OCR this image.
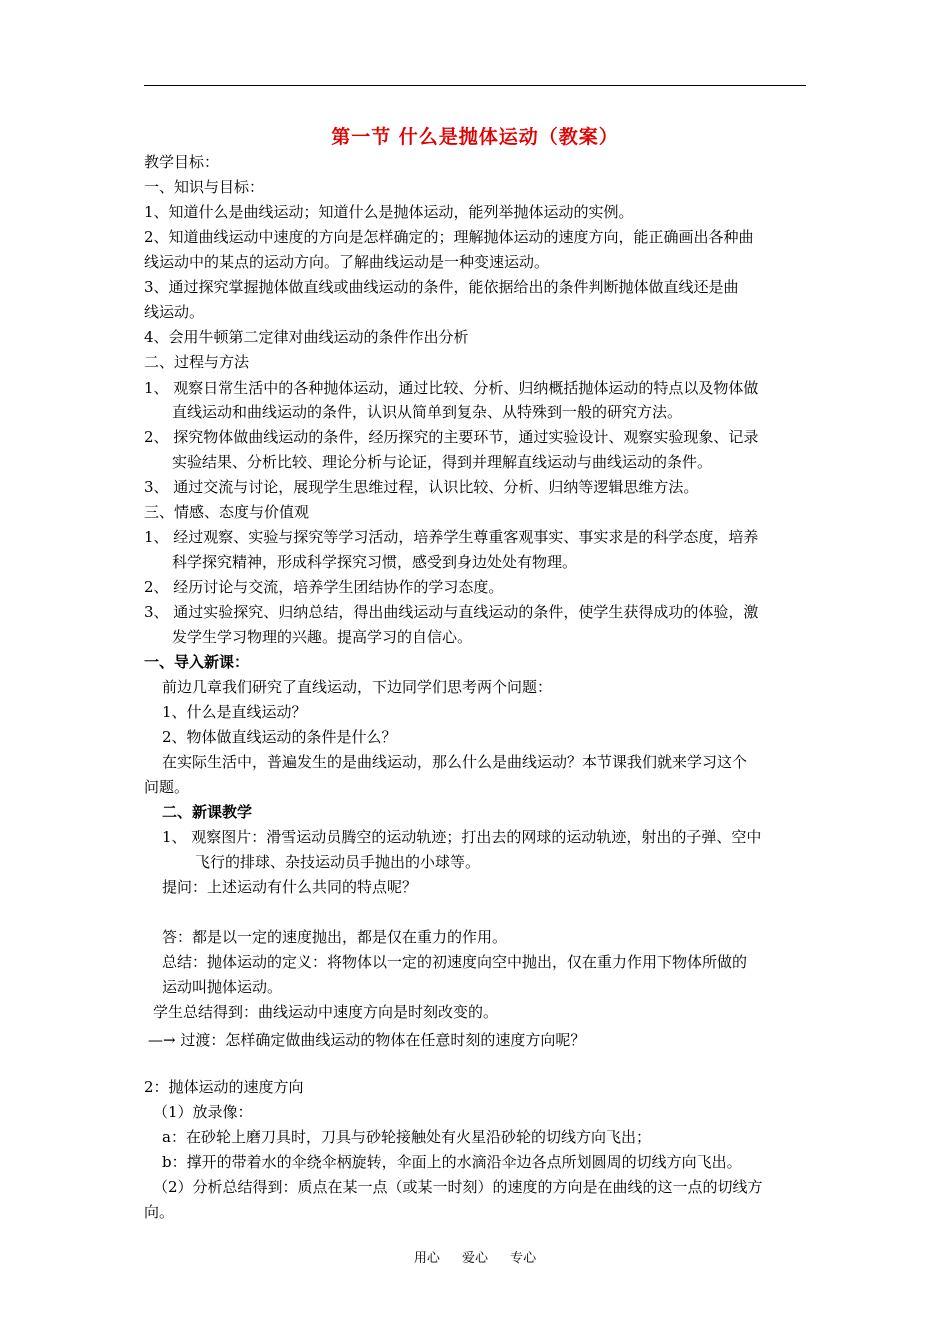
第一节 什么是抛体运动（教案）
教学目标：
一、知识与目标：
1、知道什么是曲线运动；知道什么是抛体运动，能列举抛体运动的实例。
2、知道曲线运动中速度的方向是怎样确定的；理解抛体运动的速度方向，能正确画出各种曲
线运动中的某点的运动方向。了解曲线运动是一种变速运动。
3、通过探究掌握抛体做直线或曲线运动的条件，能依据给出的条件判断抛体做直线还是曲
线运动。
4、会用牛顿第二定律对曲线运动的条件作出分析
二、过程与方法
1、 观察日常生活中的各种抛体运动，通过比较、分析、归纳概括抛体运动的特点以及物体做
直线运动和曲线运动的条件，认识从简单到复杂、从特殊到一般的研究方法。
2、 探究物体做曲线运动的条件，经历探究的主要环节，通过实验设计、观察实验现象、记录
实验结果、分析比较、理论分析与论证，得到并理解直线运动与曲线运动的条件。
3、 通过交流与讨论，展现学生思维过程，认识比较、分析、归纳等逻辑思维方法。
三、情感、态度与价值观
1、 经过观察、实验与探究等学习活动，培养学生尊重客观事实、事实求是的科学态度，培养
科学探究精神，形成科学探究习惯，感受到身边处处有物理。
2、 经历讨论与交流，培养学生团结协作的学习态度。
3、 通过实验探究、归纳总结，得出曲线运动与直线运动的条件，使学生获得成功的体验，激
发学生学习物理的兴趣。提高学习的自信心。
一、导入新课：
前边几章我们研究了直线运动，下边同学们思考两个问题：
1、什么是直线运动？
2、物体做直线运动的条件是什么？
在实际生活中，普遍发生的是曲线运动，那么什么是曲线运动？本节课我们就来学习这个
问题。
二、新课教学
1、 观察图片：滑雪运动员腾空的运动轨迹；打出去的网球的运动轨迹，射出的子弹、空中
飞行的排球、杂技运动员手抛出的小球等。
提问：上述运动有什么共同的特点呢？
答：都是以一定的速度抛出，都是仅在重力的作用。
总结：抛体运动的定义：将物体以一定的初速度向空中抛出，仅在重力作用下物体所做的
运动叫抛体运动。
学生总结得到：曲线运动中速度方向是时刻改变的。
—→ 过渡：怎样确定做曲线运动的物体在任意时刻的速度方向呢？
2：抛体运动的速度方向
（1）放录像：
a：在砂轮上磨刀具时，刀具与砂轮接触处有火星沿砂轮的切线方向飞出；
b：撑开的带着水的伞绕伞柄旋转，伞面上的水滴沿伞边各点所划圆周的切线方向飞出。
（2）分析总结得到：质点在某一点（或某一时刻）的速度的方向是在曲线的这一点的切线方
向。
用心 爱心 专心
